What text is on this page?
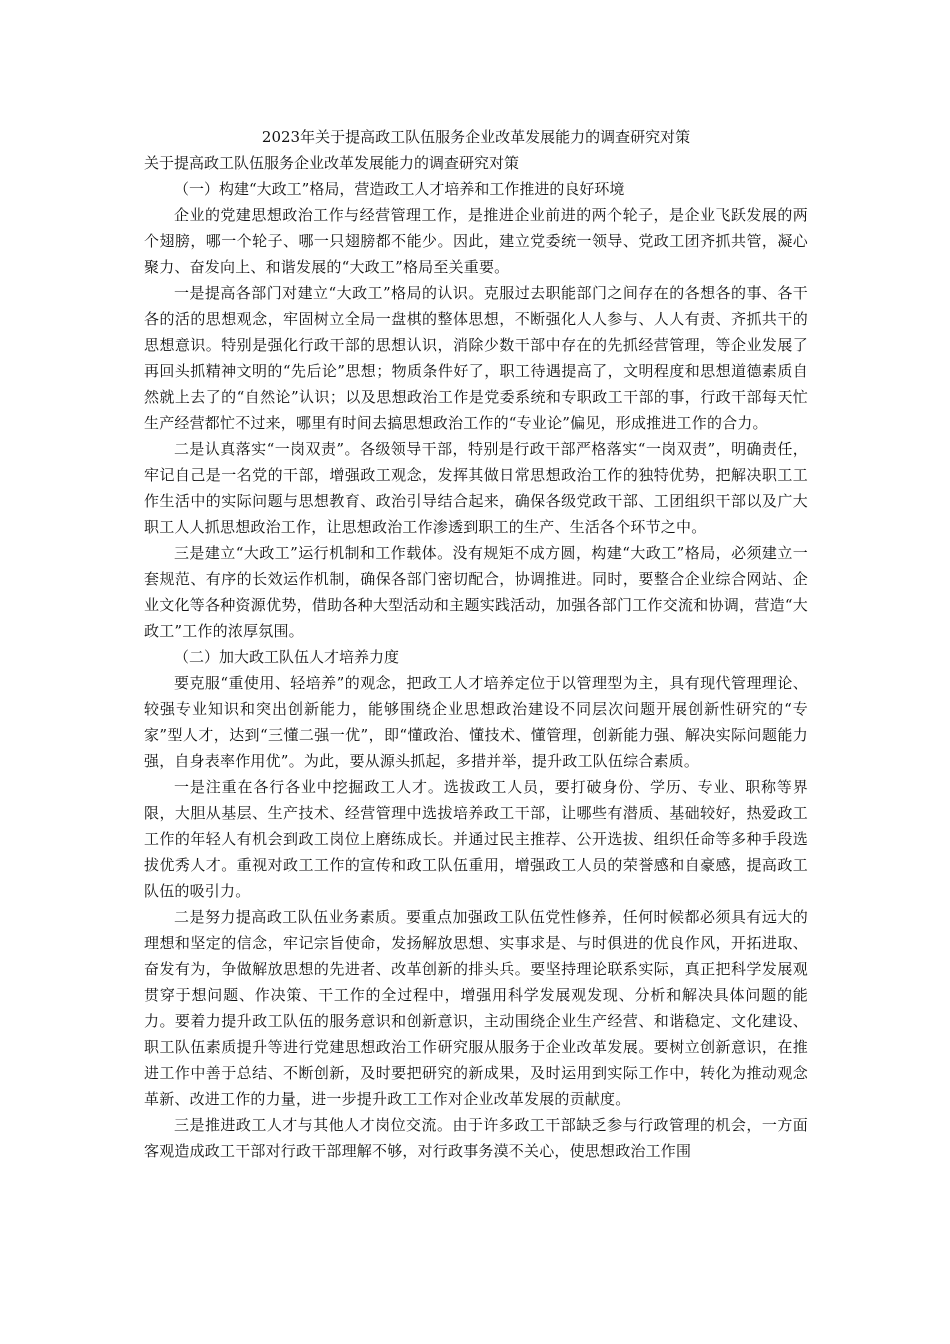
2023年关于提高政工队伍服务企业改革发展能力的调查研究对策

关于提高政工队伍服务企业改革发展能力的调查研究对策

（一）构建“大政工”格局，营造政工人才培养和工作推进的良好环境

企业的党建思想政治工作与经营管理工作，是推进企业前进的两个轮子，是企业飞跃发展的两个翅膀，哪一个轮子、哪一只翅膀都不能少。因此，建立党委统一领导、党政工团齐抓共管，凝心聚力、奋发向上、和谐发展的“大政工”格局至关重要。

一是提高各部门对建立“大政工”格局的认识。克服过去职能部门之间存在的各想各的事、各干各的活的思想观念，牢固树立全局一盘棋的整体思想，不断强化人人参与、人人有责、齐抓共干的思想意识。特别是强化行政干部的思想认识，消除少数干部中存在的先抓经营管理，等企业发展了再回头抓精神文明的“先后论”思想；物质条件好了，职工待遇提高了，文明程度和思想道德素质自然就上去了的“自然论”认识；以及思想政治工作是党委系统和专职政工干部的事，行政干部每天忙生产经营都忙不过来，哪里有时间去搞思想政治工作的“专业论”偏见，形成推进工作的合力。

二是认真落实“一岗双责”。各级领导干部，特别是行政干部严格落实“一岗双责”，明确责任，牢记自己是一名党的干部，增强政工观念，发挥其做日常思想政治工作的独特优势，把解决职工工作生活中的实际问题与思想教育、政治引导结合起来，确保各级党政干部、工团组织干部以及广大职工人人抓思想政治工作，让思想政治工作渗透到职工的生产、生活各个环节之中。

三是建立“大政工”运行机制和工作载体。没有规矩不成方圆，构建“大政工”格局，必须建立一套规范、有序的长效运作机制，确保各部门密切配合，协调推进。同时，要整合企业综合网站、企业文化等各种资源优势，借助各种大型活动和主题实践活动，加强各部门工作交流和协调，营造“大政工”工作的浓厚氛围。

（二）加大政工队伍人才培养力度

要克服“重使用、轻培养”的观念，把政工人才培养定位于以管理型为主，具有现代管理理论、较强专业知识和突出创新能力，能够围绕企业思想政治建设不同层次问题开展创新性研究的“专家”型人才，达到“三懂二强一优”，即“懂政治、懂技术、懂管理，创新能力强、解决实际问题能力强，自身表率作用优”。为此，要从源头抓起，多措并举，提升政工队伍综合素质。

一是注重在各行各业中挖掘政工人才。选拔政工人员，要打破身份、学历、专业、职称等界限，大胆从基层、生产技术、经营管理中选拔培养政工干部，让哪些有潜质、基础较好，热爱政工工作的年轻人有机会到政工岗位上磨练成长。并通过民主推荐、公开选拔、组织任命等多种手段选拔优秀人才。重视对政工工作的宣传和政工队伍重用，增强政工人员的荣誉感和自豪感，提高政工队伍的吸引力。

二是努力提高政工队伍业务素质。要重点加强政工队伍党性修养，任何时候都必须具有远大的理想和坚定的信念，牢记宗旨使命，发扬解放思想、实事求是、与时俱进的优良作风，开拓进取、奋发有为，争做解放思想的先进者、改革创新的排头兵。要坚持理论联系实际，真正把科学发展观贯穿于想问题、作决策、干工作的全过程中，增强用科学发展观发现、分析和解决具体问题的能力。要着力提升政工队伍的服务意识和创新意识，主动围绕企业生产经营、和谐稳定、文化建设、职工队伍素质提升等进行党建思想政治工作研究服从服务于企业改革发展。要树立创新意识，在推进工作中善于总结、不断创新，及时要把研究的新成果，及时运用到实际工作中，转化为推动观念革新、改进工作的力量，进一步提升政工工作对企业改革发展的贡献度。

三是推进政工人才与其他人才岗位交流。由于许多政工干部缺乏参与行政管理的机会，一方面客观造成政工干部对行政干部理解不够，对行政事务漠不关心，使思想政治工作围
